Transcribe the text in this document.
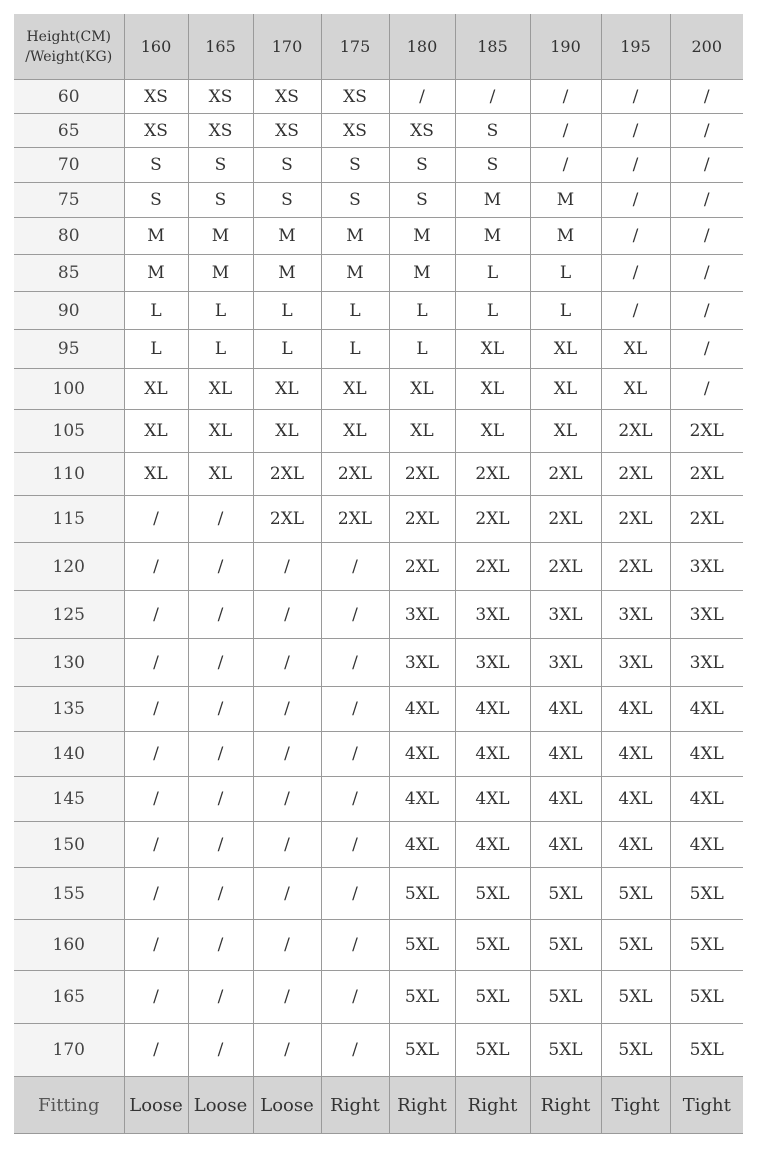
Height(CM)
/Weight(KG)	160	165	170	175	180	185	190	195	200
60	XS	XS	XS	XS	/	/	/	/	/
65	XS	XS	XS	XS	XS	S	/	/	/
70	S	S	S	S	S	S	/	/	/
75	S	S	S	S	S	M	M	/	/
80	M	M	M	M	M	M	M	/	/
85	M	M	M	M	M	L	L	/	/
90	L	L	L	L	L	L	L	/	/
95	L	L	L	L	L	XL	XL	XL	/
100	XL	XL	XL	XL	XL	XL	XL	XL	/
105	XL	XL	XL	XL	XL	XL	XL	2XL	2XL
110	XL	XL	2XL	2XL	2XL	2XL	2XL	2XL	2XL
115	/	/	2XL	2XL	2XL	2XL	2XL	2XL	2XL
120	/	/	/	/	2XL	2XL	2XL	2XL	3XL
125	/	/	/	/	3XL	3XL	3XL	3XL	3XL
130	/	/	/	/	3XL	3XL	3XL	3XL	3XL
135	/	/	/	/	4XL	4XL	4XL	4XL	4XL
140	/	/	/	/	4XL	4XL	4XL	4XL	4XL
145	/	/	/	/	4XL	4XL	4XL	4XL	4XL
150	/	/	/	/	4XL	4XL	4XL	4XL	4XL
155	/	/	/	/	5XL	5XL	5XL	5XL	5XL
160	/	/	/	/	5XL	5XL	5XL	5XL	5XL
165	/	/	/	/	5XL	5XL	5XL	5XL	5XL
170	/	/	/	/	5XL	5XL	5XL	5XL	5XL
Fitting	Loose	Loose	Loose	Right	Right	Right	Right	Tight	Tight
